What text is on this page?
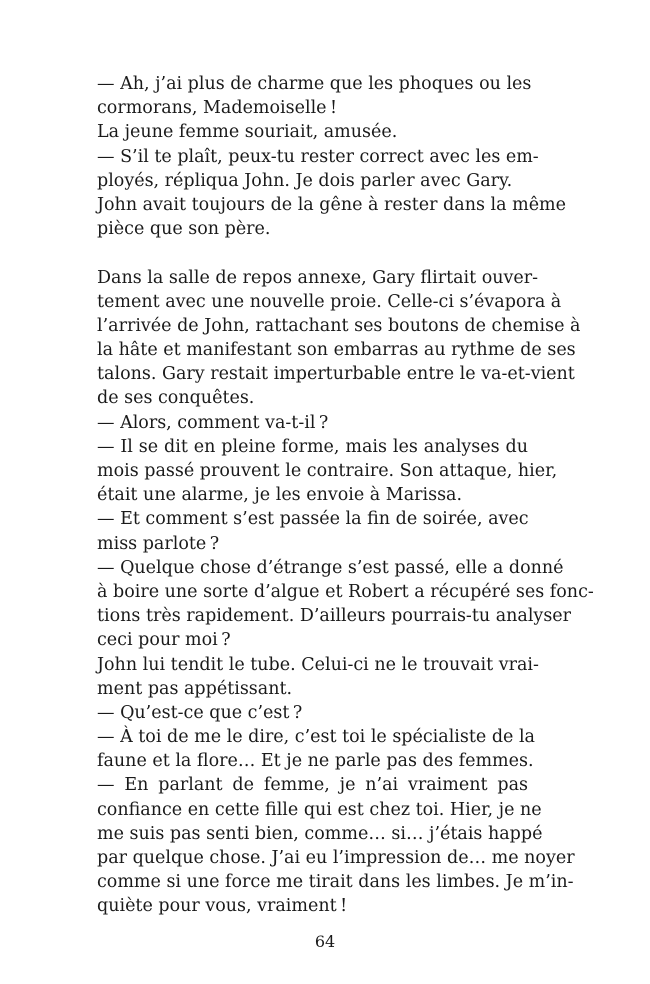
— Ah, j’ai plus de charme que les phoques ou les
cormorans, Mademoiselle !
La jeune femme souriait, amusée.
— S’il te plaît, peux-tu rester correct avec les em-
ployés, répliqua John. Je dois parler avec Gary.
John avait toujours de la gêne à rester dans la même
pièce que son père.
Dans la salle de repos annexe, Gary flirtait ouver-
tement avec une nouvelle proie. Celle-ci s’évapora à
l’arrivée de John, rattachant ses boutons de chemise à
la hâte et manifestant son embarras au rythme de ses
talons. Gary restait imperturbable entre le va-et-vient
de ses conquêtes.
— Alors, comment va-t-il ?
— Il se dit en pleine forme, mais les analyses du
mois passé prouvent le contraire. Son attaque, hier,
était une alarme, je les envoie à Marissa.
— Et comment s’est passée la fin de soirée, avec
miss parlote ?
— Quelque chose d’étrange s’est passé, elle a donné
à boire une sorte d’algue et Robert a récupéré ses fonc-
tions très rapidement. D’ailleurs pourrais-tu analyser
ceci pour moi ?
John lui tendit le tube. Celui-ci ne le trouvait vrai-
ment pas appétissant.
— Qu’est-ce que c’est ?
— À toi de me le dire, c’est toi le spécialiste de la
faune et la flore… Et je ne parle pas des femmes.
— En parlant de femme, je n’ai vraiment pas
confiance en cette fille qui est chez toi. Hier, je ne
me suis pas senti bien, comme… si… j’étais happé
par quelque chose. J’ai eu l’impression de… me noyer
comme si une force me tirait dans les limbes. Je m’in-
quiète pour vous, vraiment !
64
